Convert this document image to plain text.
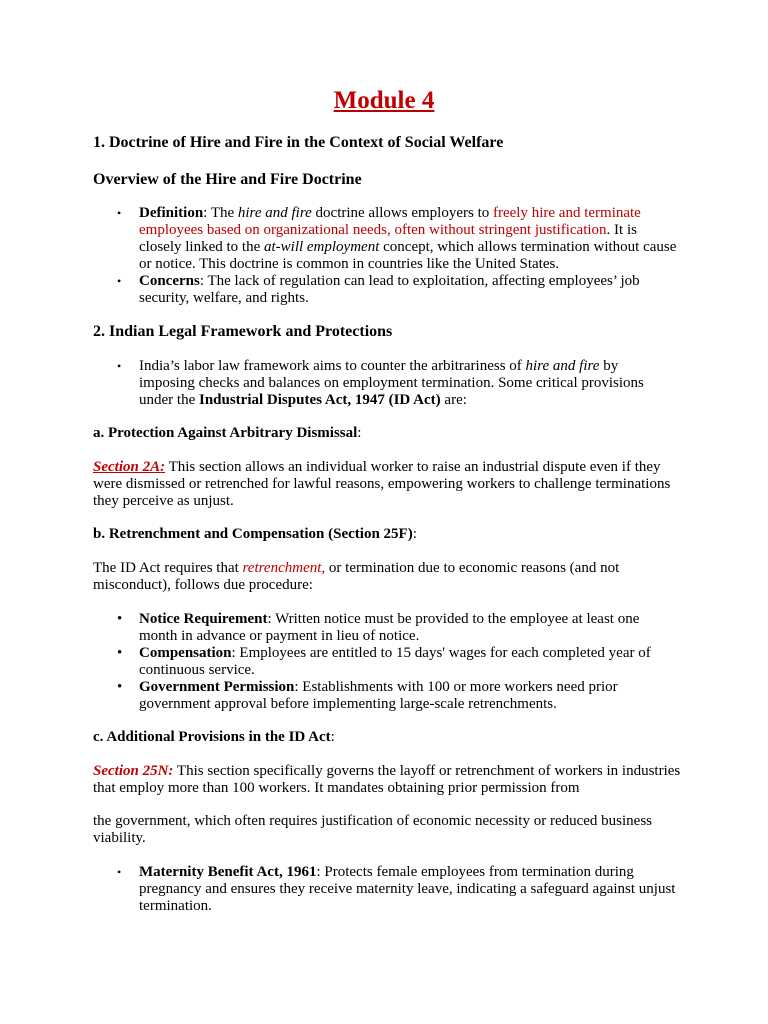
Module 4
1. Doctrine of Hire and Fire in the Context of Social Welfare
Overview of the Hire and Fire Doctrine
•	Definition: The hire and fire doctrine allows employers to freely hire and terminate employees based on organizational needs, often without stringent justification. It is closely linked to the at-will employment concept, which allows termination without cause or notice. This doctrine is common in countries like the United States.
•	Concerns: The lack of regulation can lead to exploitation, affecting employees’ job security, welfare, and rights.
2. Indian Legal Framework and Protections
•	India’s labor law framework aims to counter the arbitrariness of hire and fire by imposing checks and balances on employment termination. Some critical provisions under the Industrial Disputes Act, 1947 (ID Act) are:
a. Protection Against Arbitrary Dismissal:
Section 2A: This section allows an individual worker to raise an industrial dispute even if they were dismissed or retrenched for lawful reasons, empowering workers to challenge terminations they perceive as unjust.
b. Retrenchment and Compensation (Section 25F):
The ID Act requires that retrenchment, or termination due to economic reasons (and not misconduct), follows due procedure:
•	Notice Requirement: Written notice must be provided to the employee at least one month in advance or payment in lieu of notice.
•	Compensation: Employees are entitled to 15 days' wages for each completed year of continuous service.
•	Government Permission: Establishments with 100 or more workers need prior government approval before implementing large-scale retrenchments.
c. Additional Provisions in the ID Act:
Section 25N: This section specifically governs the layoff or retrenchment of workers in industries that employ more than 100 workers. It mandates obtaining prior permission from
the government, which often requires justification of economic necessity or reduced business viability.
•	Maternity Benefit Act, 1961: Protects female employees from termination during pregnancy and ensures they receive maternity leave, indicating a safeguard against unjust termination.
